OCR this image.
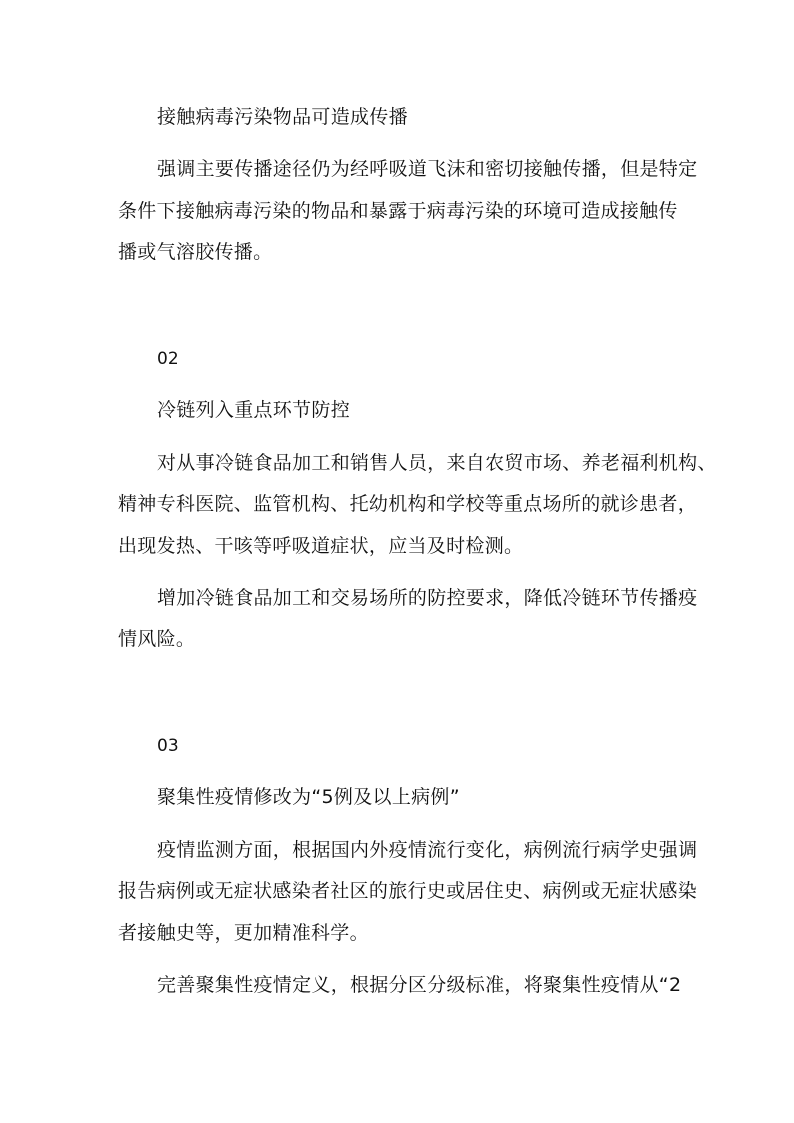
接触病毒污染物品可造成传播
强调主要传播途径仍为经呼吸道飞沫和密切接触传播，但是特定
条件下接触病毒污染的物品和暴露于病毒污染的环境可造成接触传
播或气溶胶传播。
02
冷链列入重点环节防控
对从事冷链食品加工和销售人员，来自农贸市场、养老福利机构、
精神专科医院、监管机构、托幼机构和学校等重点场所的就诊患者，
出现发热、干咳等呼吸道症状，应当及时检测。
增加冷链食品加工和交易场所的防控要求，降低冷链环节传播疫
情风险。
03
聚集性疫情修改为“5例及以上病例”
疫情监测方面，根据国内外疫情流行变化，病例流行病学史强调
报告病例或无症状感染者社区的旅行史或居住史、病例或无症状感染
者接触史等，更加精准科学。
完善聚集性疫情定义，根据分区分级标准，将聚集性疫情从“2
